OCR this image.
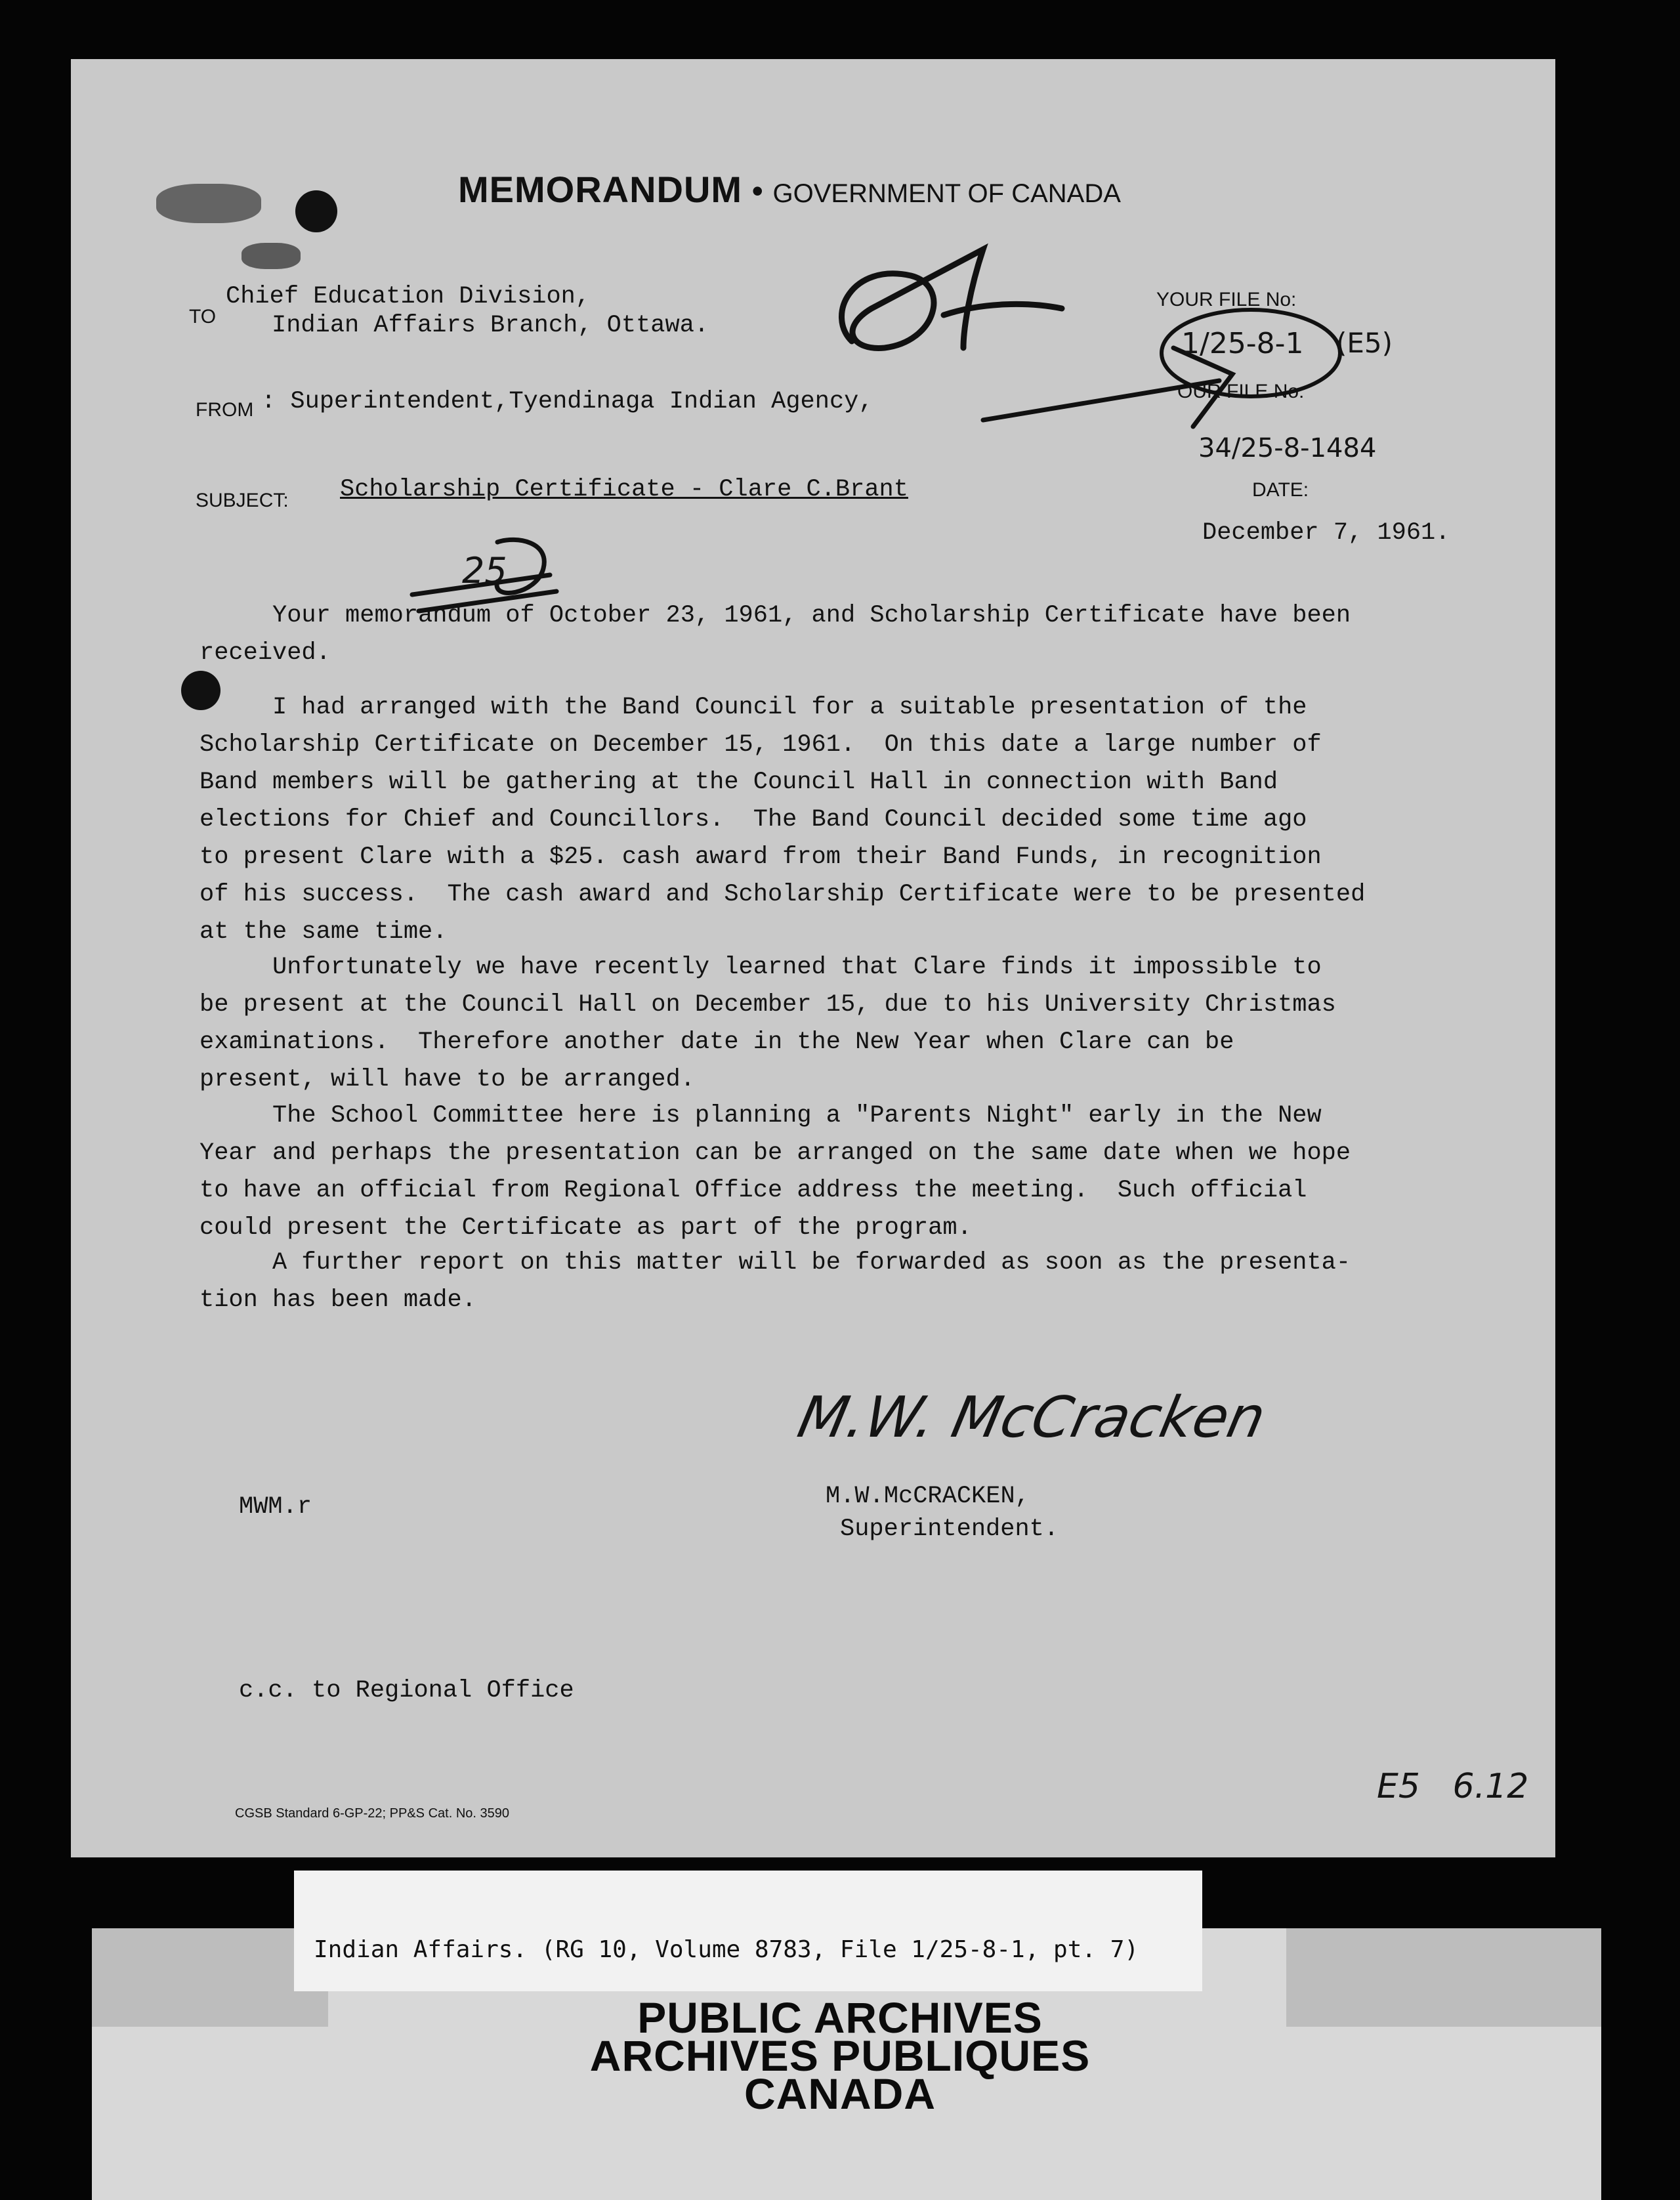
MEMORANDUM • GOVERNMENT OF CANADA
TO
Chief Education Division,
Indian Affairs Branch, Ottawa.
FROM : Superintendent,Tyendinaga Indian Agency,
SUBJECT: Scholarship Certificate - Clare C.Brant
YOUR FILE No:
1/25-8-1 (E5)
OUR FILE No:
34/25-8-1484
DATE:
December 7, 1961.
25
Your memorandum of October 23, 1961, and Scholarship Certificate have been
received.
I had arranged with the Band Council for a suitable presentation of the
Scholarship Certificate on December 15, 1961.  On this date a large number of
Band members will be gathering at the Council Hall in connection with Band
elections for Chief and Councillors.  The Band Council decided some time ago
to present Clare with a $25. cash award from their Band Funds, in recognition
of his success.  The cash award and Scholarship Certificate were to be presented
at the same time.
Unfortunately we have recently learned that Clare finds it impossible to
be present at the Council Hall on December 15, due to his University Christmas
examinations.  Therefore another date in the New Year when Clare can be
present, will have to be arranged.
The School Committee here is planning a "Parents Night" early in the New
Year and perhaps the presentation can be arranged on the same date when we hope
to have an official from Regional Office address the meeting.  Such official
could present the Certificate as part of the program.
A further report on this matter will be forwarded as soon as the presenta-
tion has been made.
M.W. McCracken
M.W.McCRACKEN,
Superintendent.
MWM.r
c.c. to Regional Office
CGSB Standard 6-GP-22; PP&S Cat. No. 3590
E5   6.12
Indian Affairs. (RG 10, Volume 8783, File 1/25-8-1, pt. 7)
PUBLIC ARCHIVES
ARCHIVES PUBLIQUES
CANADA
